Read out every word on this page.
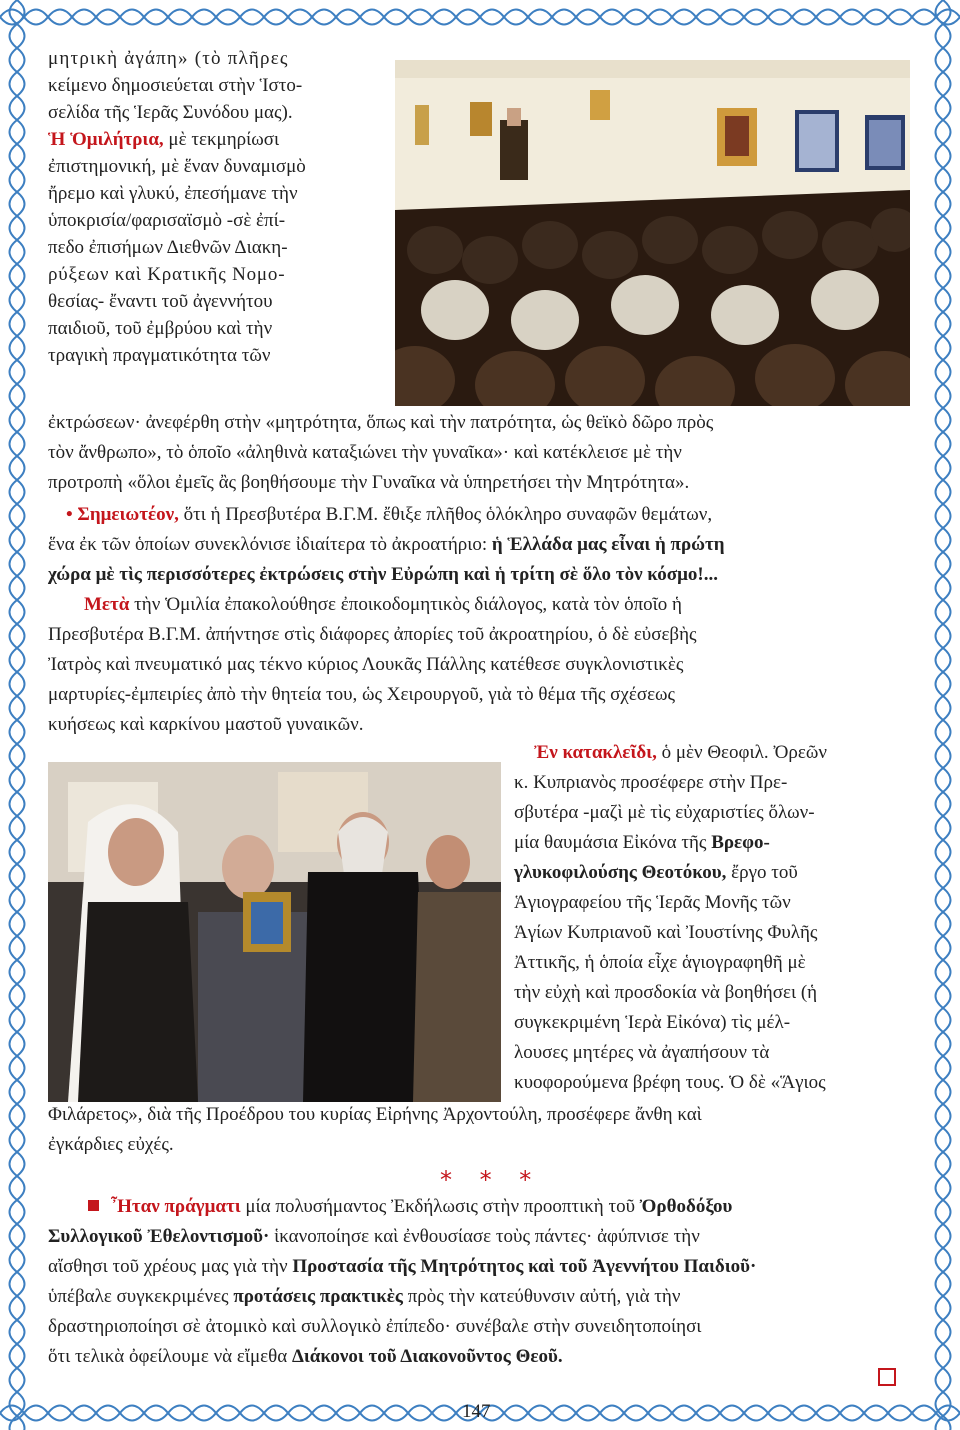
μητρικὴ ἀγάπη» (τὸ πλῆρες
κείμενο δημοσιεύεται στὴν Ἱστο-
σελίδα τῆς Ἱερᾶς Συνόδου μας).
Ἡ Ὁμιλήτρια, μὲ τεκμηρίωσι
ἐπιστημονική, μὲ ἕναν δυναμισμὸ
ἤρεμο καὶ γλυκύ, ἐπεσήμανε τὴν
ὑποκρισία/φαρισαϊσμὸ -σὲ ἐπί-
πεδο ἐπισήμων Διεθνῶν Διακη-
ρύξεων καὶ Κρατικῆς Νομο-
θεσίας- ἔναντι τοῦ ἀγεννήτου
παιδιοῦ, τοῦ ἐμβρύου καὶ τὴν
τραγικὴ πραγματικότητα τῶν
ἐκτρώσεων· ἀνεφέρθη στὴν «μητρότητα, ὅπως καὶ τὴν πατρότητα, ὡς θεϊκὸ δῶρο πρὸς
τὸν ἄνθρωπο», τὸ ὁποῖο «ἀληθινὰ καταξιώνει τὴν γυναῖκα»· καὶ κατέκλεισε μὲ τὴν
προτροπὴ «ὅλοι ἐμεῖς ἂς βοηθήσουμε τὴν Γυναῖκα νὰ ὑπηρετήσει τὴν Μητρότητα».
• Σημειωτέον, ὅτι ἡ Πρεσβυτέρα Β.Γ.Μ. ἔθιξε πλῆθος ὁλόκληρο συναφῶν θεμάτων,
ἕνα ἐκ τῶν ὁποίων συνεκλόνισε ἰδιαίτερα τὸ ἀκροατήριο: ἡ Ἑλλάδα μας εἶναι ἡ πρώτη
χώρα μὲ τὶς περισσότερες ἐκτρώσεις στὴν Εὐρώπη καὶ ἡ τρίτη σὲ ὅλο τὸν κόσμο!...
Μετὰ τὴν Ὁμιλία ἐπακολούθησε ἐποικοδομητικὸς διάλογος, κατὰ τὸν ὁποῖο ἡ
Πρεσβυτέρα Β.Γ.Μ. ἀπήντησε στὶς διάφορες ἀπορίες τοῦ ἀκροατηρίου, ὁ δὲ εὐσεβὴς
Ἰατρὸς καὶ πνευματικό μας τέκνο κύριος Λουκᾶς Πάλλης κατέθεσε συγκλονιστικὲς
μαρτυρίες-ἐμπειρίες ἀπὸ τὴν θητεία του, ὡς Χειρουργοῦ, γιὰ τὸ θέμα τῆς σχέσεως
κυήσεως καὶ καρκίνου μαστοῦ γυναικῶν.
Ἐν κατακλεῖδι, ὁ μὲν Θεοφιλ. Ὀρεῶν
κ. Κυπριανὸς προσέφερε στὴν Πρε-
σβυτέρα -μαζὶ μὲ τὶς εὐχαριστίες ὅλων-
μία θαυμάσια Εἰκόνα τῆς Βρεφο-
γλυκοφιλούσης Θεοτόκου, ἔργο τοῦ
Ἁγιογραφείου τῆς Ἱερᾶς Μονῆς τῶν
Ἁγίων Κυπριανοῦ καὶ Ἰουστίνης Φυλῆς
Ἀττικῆς, ἡ ὁποία εἶχε ἁγιογραφηθῆ μὲ
τὴν εὐχὴ καὶ προσδοκία νὰ βοηθήσει (ἡ
συγκεκριμένη Ἱερὰ Εἰκόνα) τὶς μέλ-
λουσες μητέρες νὰ ἀγαπήσουν τὰ
κυοφορούμενα βρέφη τους. Ὁ δὲ «Ἅγιος
Φιλάρετος», διὰ τῆς Προέδρου του κυρίας Εἰρήνης Ἀρχοντούλη, προσέφερε ἄνθη καὶ
ἐγκάρδιες εὐχές.
* * *
Ἦταν πράγματι μία πολυσήμαντος Ἐκδήλωσις στὴν προοπτικὴ τοῦ Ὀρθοδόξου
Συλλογικοῦ Ἐθελοντισμοῦ· ἱκανοποίησε καὶ ἐνθουσίασε τοὺς πάντες· ἀφύπνισε τὴν
αἴσθησι τοῦ χρέους μας γιὰ τὴν Προστασία τῆς Μητρότητος καὶ τοῦ Ἀγεννήτου Παιδιοῦ·
ὑπέβαλε συγκεκριμένες προτάσεις πρακτικὲς πρὸς τὴν κατεύθυνσιν αὐτή, γιὰ τὴν
δραστηριοποίησι σὲ ἀτομικὸ καὶ συλλογικὸ ἐπίπεδο· συνέβαλε στὴν συνειδητοποίησι
ὅτι τελικὰ ὀφείλουμε νὰ εἴμεθα Διάκονοι τοῦ Διακονοῦντος Θεοῦ.
147
